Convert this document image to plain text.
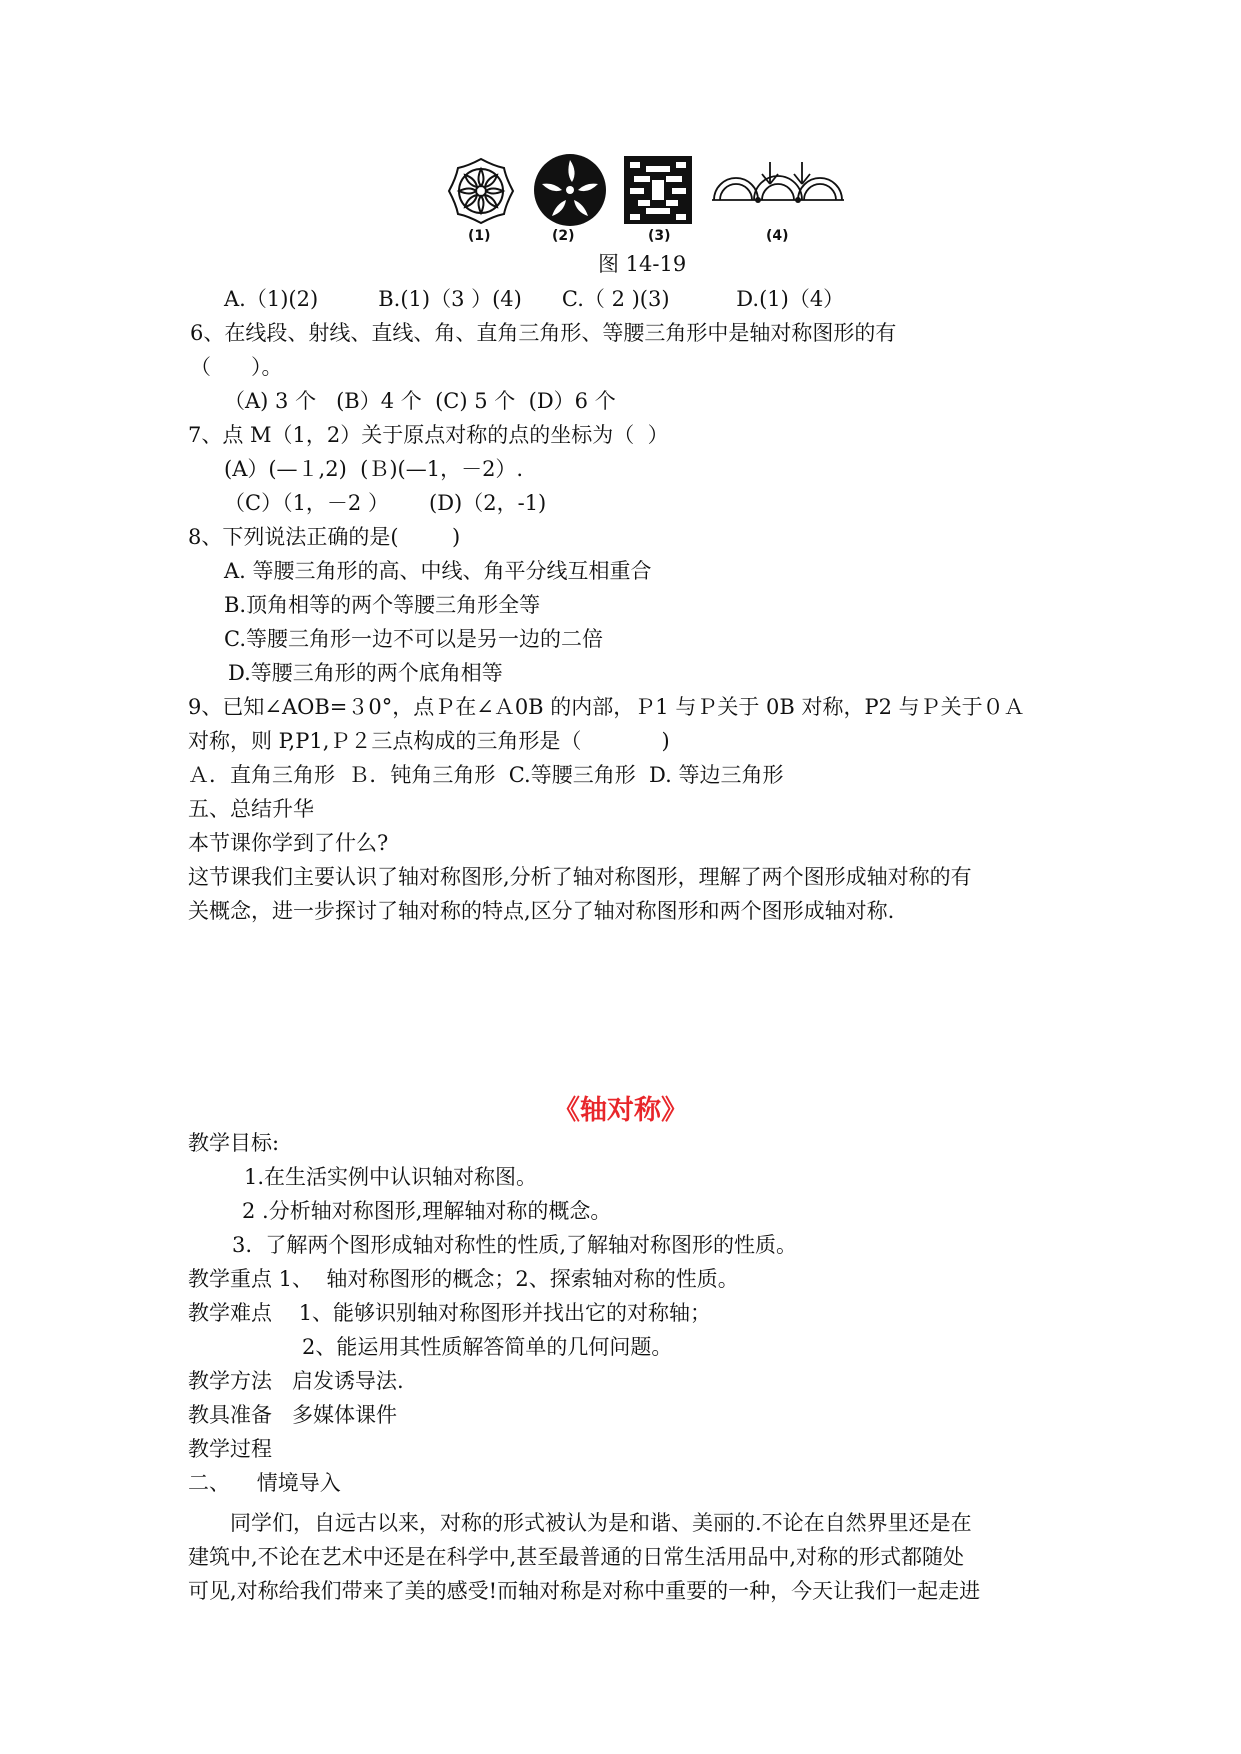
(1)	(2)	(3)	(4)
图 14-19
A.（1)(2)         B.(1)（3 ）(4)      C.（ 2 )(3)          D.(1)（4）
6、在线段、射线、直线、角、直角三角形、等腰三角形中是轴对称图形的有
（      ）。
（A) 3 个   (B）4 个  (C) 5 个  (D）6 个
7、点 M（1，2）关于原点对称的点的坐标为（  ）
(A）(—１,2)  (Ｂ)(—1，－2）.
（C）（1，－2 ）      (D)（2，-1)
8、下列说法正确的是(        )
A. 等腰三角形的高、中线、角平分线互相重合
B.顶角相等的两个等腰三角形全等
C.等腰三角形一边不可以是另一边的二倍
D.等腰三角形的两个底角相等
9、已知∠AOB=３0°，点Ｐ在∠Ａ0B 的内部，Ｐ1 与Ｐ关于 0B 对称，P2 与Ｐ关于０Ａ
对称，则 P,P1,Ｐ２三点构成的三角形是（            )
Ａ．直角三角形  Ｂ．钝角三角形  C.等腰三角形  D. 等边三角形
五、总结升华
本节课你学到了什么?
这节课我们主要认识了轴对称图形,分析了轴对称图形，理解了两个图形成轴对称的有
关概念，进一步探讨了轴对称的特点,区分了轴对称图形和两个图形成轴对称.
《轴对称》
教学目标:
1.在生活实例中认识轴对称图。
2 .分析轴对称图形,理解轴对称的概念。
3.  了解两个图形成轴对称性的性质,了解轴对称图形的性质。
教学重点 1、  轴对称图形的概念；2、探索轴对称的性质。
教学难点    1、能够识别轴对称图形并找出它的对称轴；
2、能运用其性质解答简单的几何问题。
教学方法   启发诱导法.
教具准备   多媒体课件
教学过程
二、    情境导入
同学们，自远古以来，对称的形式被认为是和谐、美丽的.不论在自然界里还是在
建筑中,不论在艺术中还是在科学中,甚至最普通的日常生活用品中,对称的形式都随处
可见,对称给我们带来了美的感受!而轴对称是对称中重要的一种，今天让我们一起走进
